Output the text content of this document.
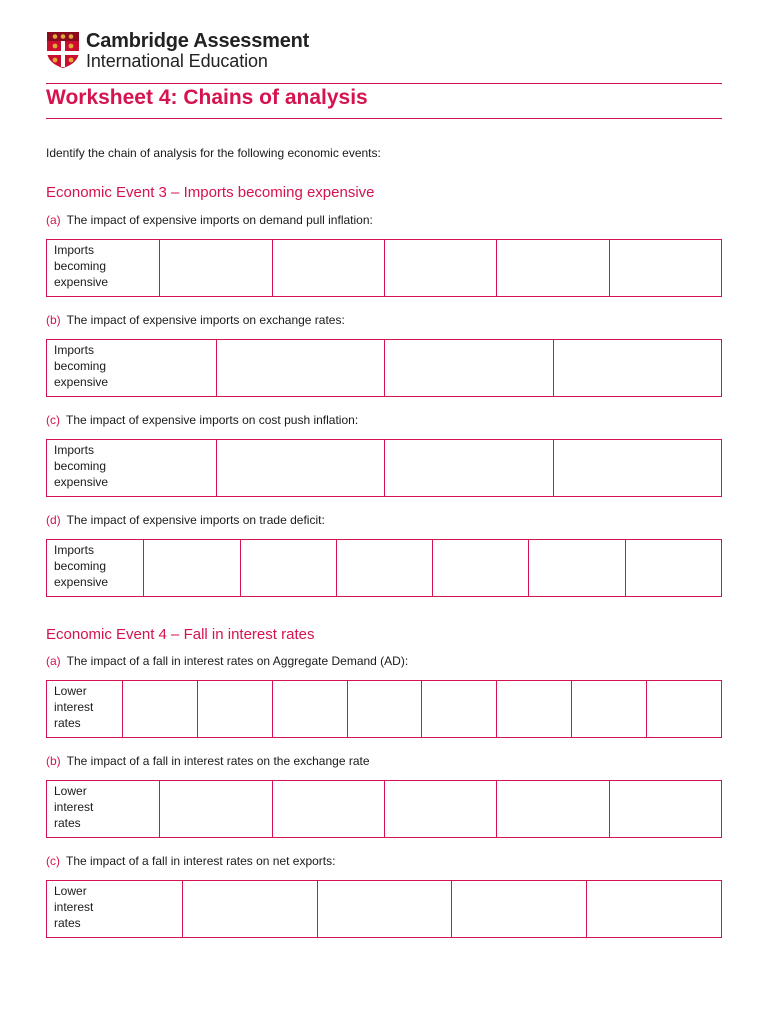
Cambridge Assessment
International Education
Worksheet 4: Chains of analysis
Identify the chain of analysis for the following economic events:
Economic Event 3 – Imports becoming expensive
(a) The impact of expensive imports on demand pull inflation:
Imports
becoming
expensive
(b) The impact of expensive imports on exchange rates:
Imports
becoming
expensive
(c) The impact of expensive imports on cost push inflation:
Imports
becoming
expensive
(d) The impact of expensive imports on trade deficit:
Imports
becoming
expensive
Economic Event 4 – Fall in interest rates
(a) The impact of a fall in interest rates on Aggregate Demand (AD):
Lower
interest
rates
(b) The impact of a fall in interest rates on the exchange rate
Lower
interest
rates
(c) The impact of a fall in interest rates on net exports:
Lower
interest
rates
